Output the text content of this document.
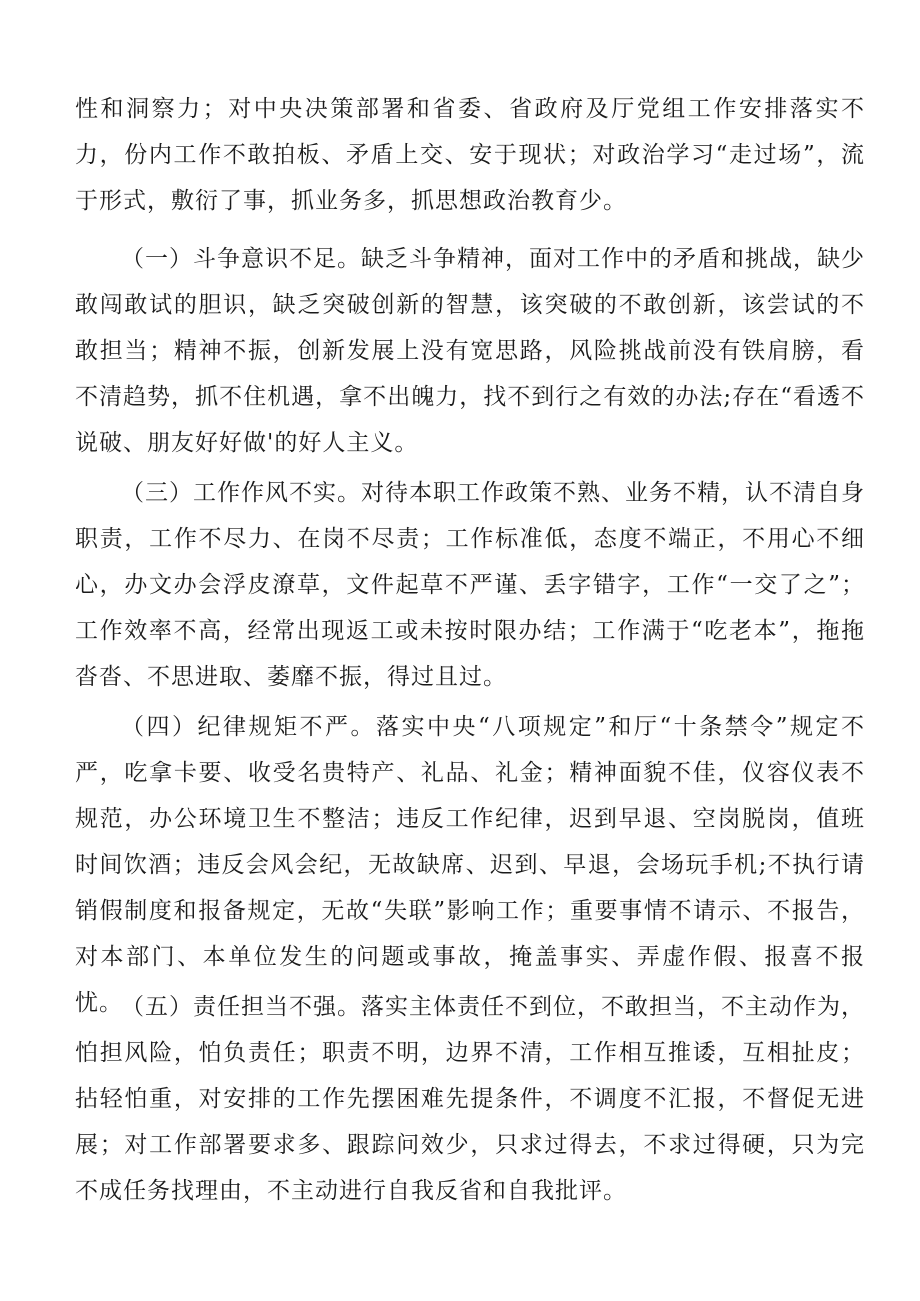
性和洞察力；对中央决策部署和省委、省政府及厅党组工作安排落实不力，份内工作不敢拍板、矛盾上交、安于现状；对政治学习“走过场”，流于形式，敷衍了事，抓业务多，抓思想政治教育少。

（一）斗争意识不足。缺乏斗争精神，面对工作中的矛盾和挑战，缺少敢闯敢试的胆识，缺乏突破创新的智慧，该突破的不敢创新，该尝试的不敢担当；精神不振，创新发展上没有宽思路，风险挑战前没有铁肩膀，看不清趋势，抓不住机遇，拿不出魄力，找不到行之有效的办法;存在“看透不说破、朋友好好做'的好人主义。

（三）工作作风不实。对待本职工作政策不熟、业务不精，认不清自身职责，工作不尽力、在岗不尽责；工作标准低，态度不端正，不用心不细心，办文办会浮皮潦草，文件起草不严谨、丢字错字，工作“一交了之”；工作效率不高，经常出现返工或未按时限办结；工作满于“吃老本”，拖拖沓沓、不思进取、萎靡不振，得过且过。

（四）纪律规矩不严。落实中央“八项规定”和厅“十条禁令”规定不严，吃拿卡要、收受名贵特产、礼品、礼金；精神面貌不佳，仪容仪表不规范，办公环境卫生不整洁；违反工作纪律，迟到早退、空岗脱岗，值班时间饮酒；违反会风会纪，无故缺席、迟到、早退，会场玩手机;不执行请销假制度和报备规定，无故“失联”影响工作；重要事情不请示、不报告，对本部门、本单位发生的问题或事故，掩盖事实、弄虚作假、报喜不报忧。

（五）责任担当不强。落实主体责任不到位，不敢担当，不主动作为，怕担风险，怕负责任；职责不明，边界不清，工作相互推诿，互相扯皮；拈轻怕重，对安排的工作先摆困难先提条件，不调度不汇报，不督促无进展；对工作部署要求多、跟踪问效少，只求过得去，不求过得硬，只为完不成任务找理由，不主动进行自我反省和自我批评。
